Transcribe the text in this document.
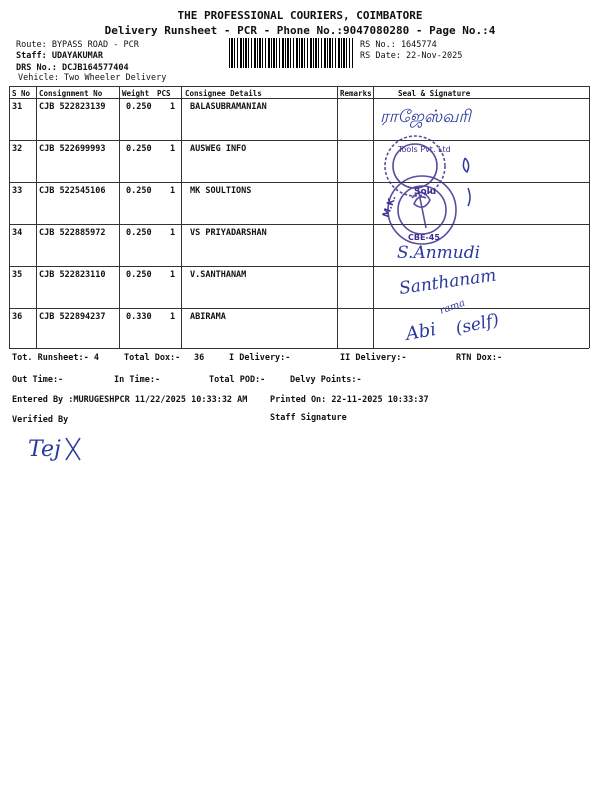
THE PROFESSIONAL COURIERS, COIMBATORE
Delivery Runsheet - PCR - Phone No.:9047080280 - Page No.:4
Route: BYPASS ROAD - PCR
Staff: UDAYAKUMAR
DRS No.: DCJB164577404
Vehicle: Two Wheeler Delivery
RS No.: 1645774
RS Date: 22-Nov-2025
S No Consignment No	Weight PCS Consignee Details	Remarks	Seal & Signature
31 CJB 522823139 0.250 1 BALASUBRAMANIAN
32 CJB 522699993 0.250 1 AUSWEG INFO
33 CJB 522545106 0.250 1 MK SOULTIONS
34 CJB 522885972 0.250 1 VS PRIYADARSHAN
35 CJB 522823110 0.250 1 V.SANTHANAM
36 CJB 522894237 0.330 1 ABIRAMA
ராஜேஸ்வரி
Tools Pvt. Ltd
M.K.
Solu
CBE-45
S.Anmudi
Santhanam
Abi
rama
(self)
Tot. Runsheet:- 4	Total Dox:- 36	I Delivery:-	II Delivery:-	RTN Dox:-
Out Time:-	In Time:-	Total POD:-	Delvy Points:-
Entered By :MURUGESHPCR 11/22/2025 10:33:32 AM	Printed On: 22-11-2025 10:33:37
Verified By	Staff Signature
Tej
